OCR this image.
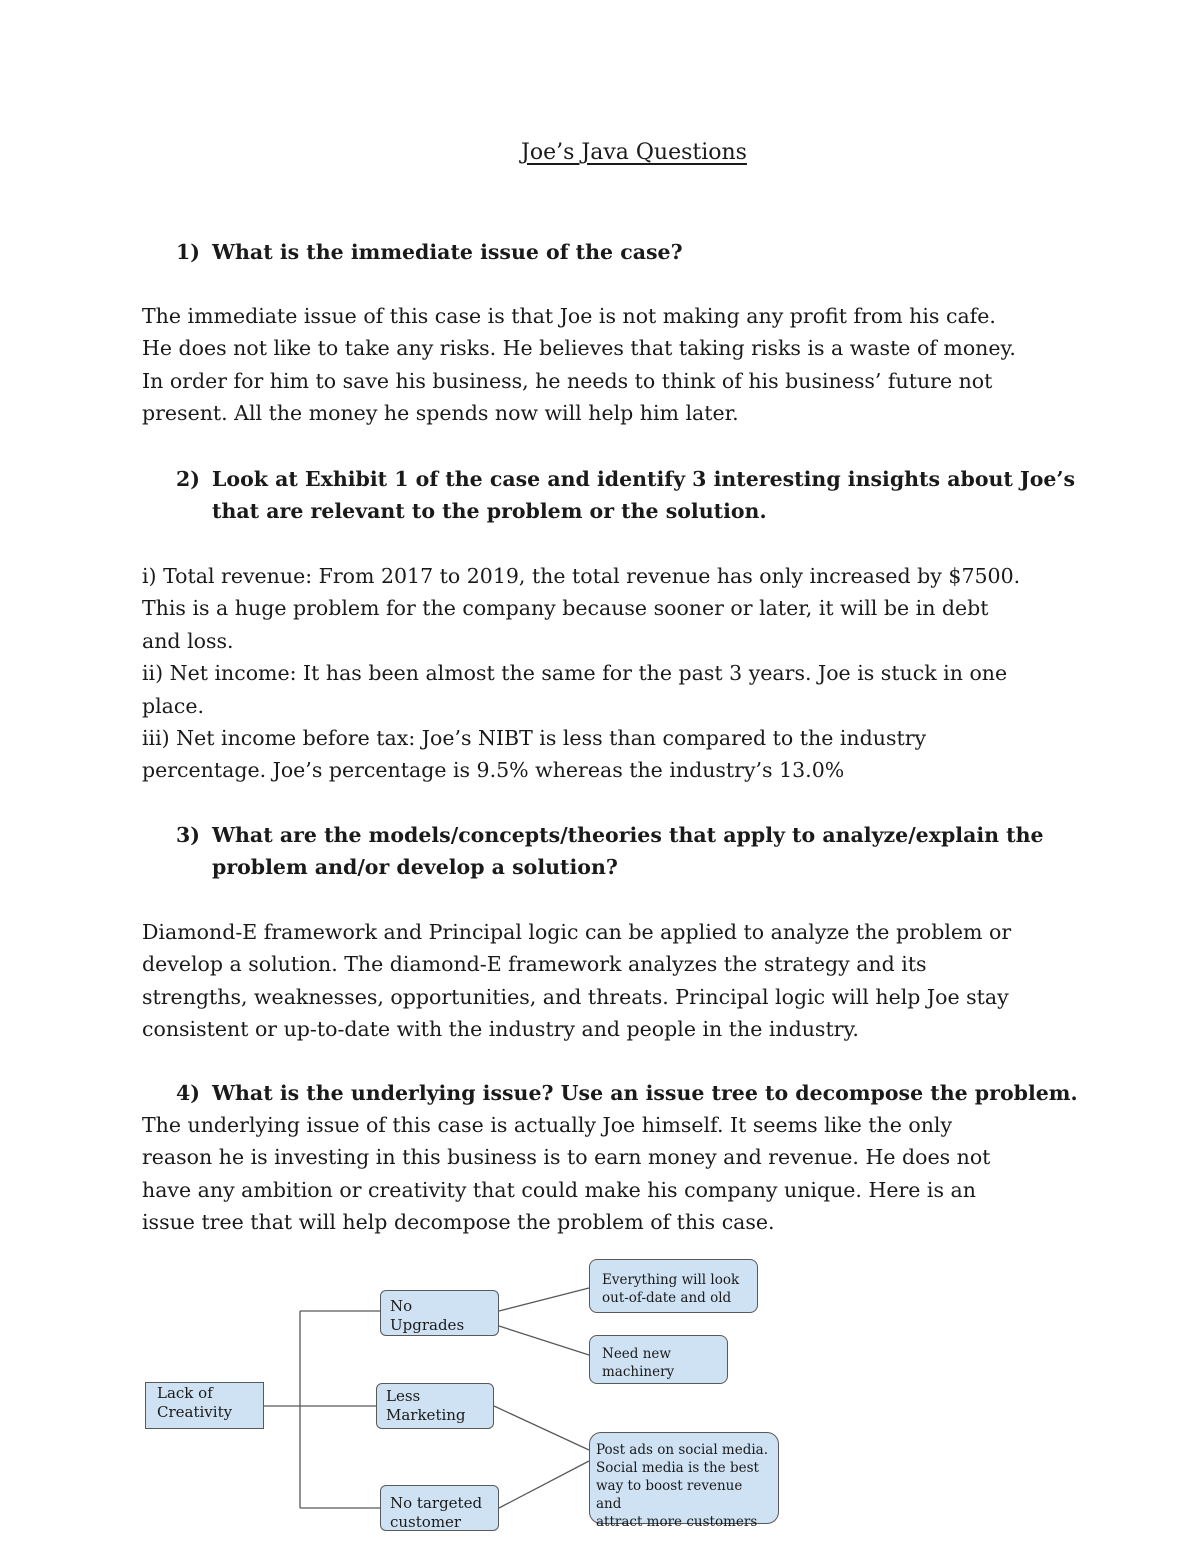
Joe’s Java Questions
1) What is the immediate issue of the case?
The immediate issue of this case is that Joe is not making any profit from his cafe.
He does not like to take any risks. He believes that taking risks is a waste of money.
In order for him to save his business, he needs to think of his business’ future not
present. All the money he spends now will help him later.
2) Look at Exhibit 1 of the case and identify 3 interesting insights about Joe’s
that are relevant to the problem or the solution.
i) Total revenue: From 2017 to 2019, the total revenue has only increased by $7500.
This is a huge problem for the company because sooner or later, it will be in debt
and loss.
ii) Net income: It has been almost the same for the past 3 years. Joe is stuck in one
place.
iii) Net income before tax: Joe’s NIBT is less than compared to the industry
percentage. Joe’s percentage is 9.5% whereas the industry’s 13.0%
3) What are the models/concepts/theories that apply to analyze/explain the
problem and/or develop a solution?
Diamond-E framework and Principal logic can be applied to analyze the problem or
develop a solution. The diamond-E framework analyzes the strategy and its
strengths, weaknesses, opportunities, and threats. Principal logic will help Joe stay
consistent or up-to-date with the industry and people in the industry.
4) What is the underlying issue? Use an issue tree to decompose the problem.
The underlying issue of this case is actually Joe himself. It seems like the only
reason he is investing in this business is to earn money and revenue. He does not
have any ambition or creativity that could make his company unique. Here is an
issue tree that will help decompose the problem of this case.
Lack of
Creativity
No
Upgrades
Less
Marketing
No targeted
customer
Everything will look
out-of-date and old
Need new
machinery
Post ads on social media.
Social media is the best
way to boost revenue and
attract more customers
